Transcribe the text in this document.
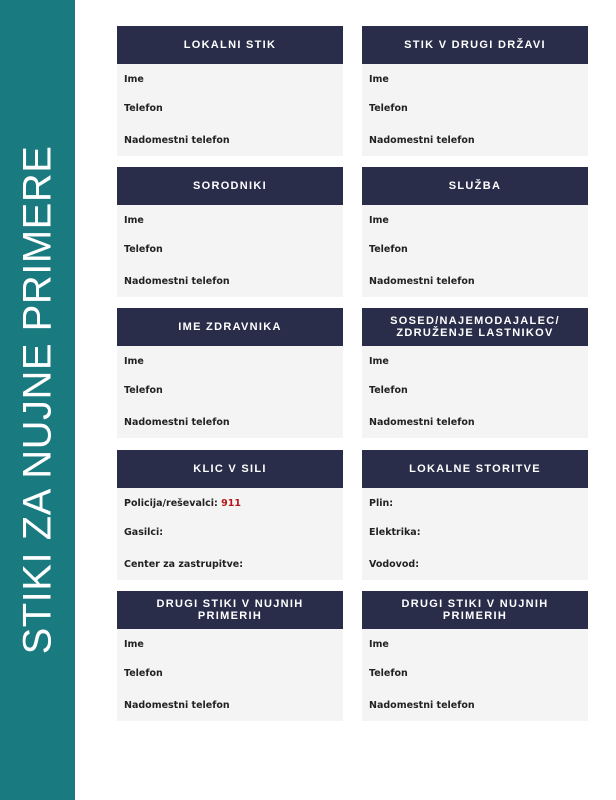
STIKI ZA NUJNE PRIMERE
LOKALNI STIK
Ime
Telefon
Nadomestni telefon
STIK V DRUGI DRŽAVI
Ime
Telefon
Nadomestni telefon
SORODNIKI
Ime
Telefon
Nadomestni telefon
SLUŽBA
Ime
Telefon
Nadomestni telefon
IME ZDRAVNIKA
Ime
Telefon
Nadomestni telefon
SOSED/NAJEMODAJALEC/ ZDRUŽENJE LASTNIKOV
Ime
Telefon
Nadomestni telefon
KLIC V SILI
Policija/reševalci: 911
Gasilci:
Center za zastrupitve:
LOKALNE STORITVE
Plin:
Elektrika:
Vodovod:
DRUGI STIKI V NUJNIH PRIMERIH
Ime
Telefon
Nadomestni telefon
DRUGI STIKI V NUJNIH PRIMERIH
Ime
Telefon
Nadomestni telefon
